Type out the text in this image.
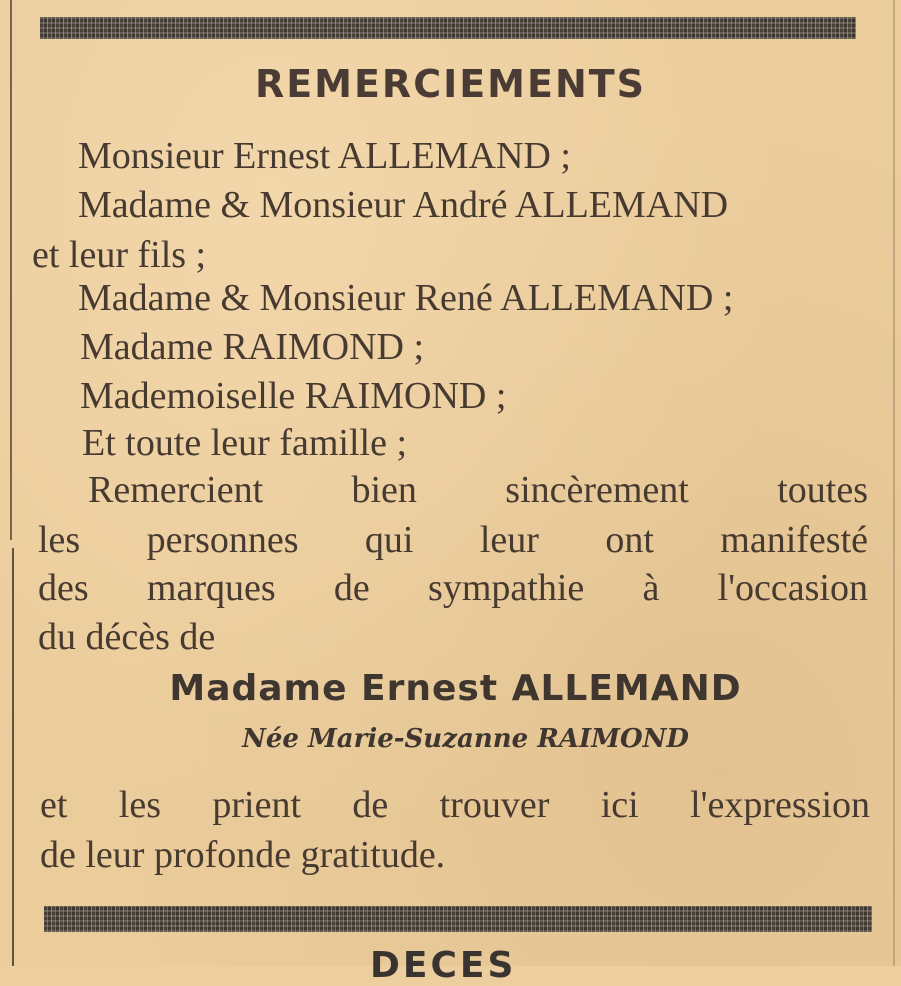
REMERCIEMENTS
Monsieur Ernest ALLEMAND ;
Madame & Monsieur André ALLEMAND
et leur fils ;
Madame & Monsieur René ALLEMAND ;
Madame RAIMOND ;
Mademoiselle RAIMOND ;
Et toute leur famille ;
Remercient bien sincèrement toutes
les personnes qui leur ont manifesté
des marques de sympathie à l'occasion
du décès de
Madame Ernest ALLEMAND
Née Marie-Suzanne RAIMOND
et les prient de trouver ici l'expression
de leur profonde gratitude.
DECES
